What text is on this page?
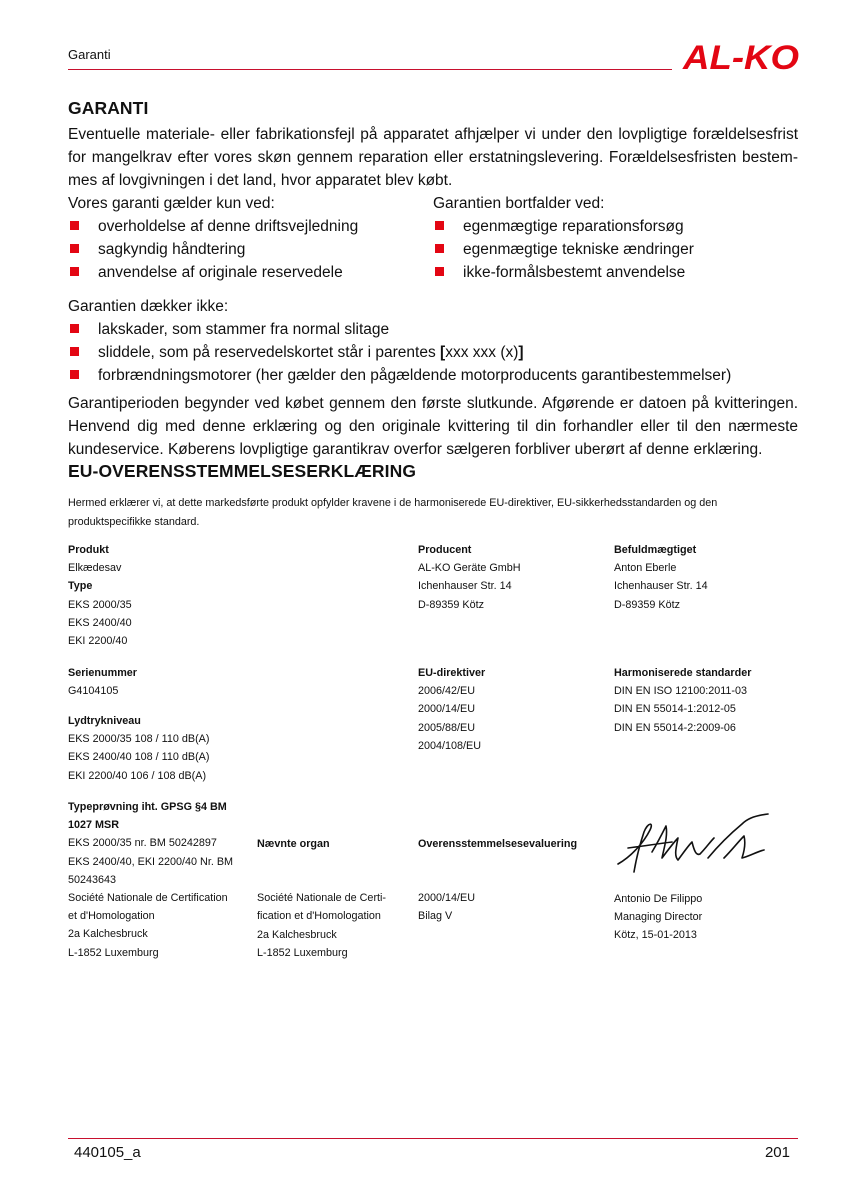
Garanti	AL-KO
GARANTI
Eventuelle materiale- eller fabrikationsfejl på apparatet afhjælper vi under den lovpligtige forældelsesfrist for mangelkrav efter vores skøn gennem reparation eller erstatningslevering. Forældelsesfristen bestem-mes af lovgivningen i det land, hvor apparatet blev købt.
Vores garanti gælder kun ved:
overholdelse af denne driftsvejledning
sagkyndig håndtering
anvendelse af originale reservedele
Garantien bortfalder ved:
egenmægtige reparationsforsøg
egenmægtige tekniske ændringer
ikke-formålsbestemt anvendelse
Garantien dækker ikke:
lakskader, som stammer fra normal slitage
sliddele, som på reservedelskortet står i parentes [xxx xxx (x)]
forbrændningsmotorer (her gælder den pågældende motorproducents garantibestemmelser)
Garantiperioden begynder ved købet gennem den første slutkunde. Afgørende er datoen på kvitteringen. Henvend dig med denne erklæring og den originale kvittering til din forhandler eller til den nærmeste kundeservice. Køberens lovpligtige garantikrav overfor sælgeren forbliver uberørt af denne erklæring.
EU-OVERENSSTEMMELSESERKLÆRING
Hermed erklærer vi, at dette markedsførte produkt opfylder kravene i de harmoniserede EU-direktiver, EU-sikkerhedsstandarden og den produktspecifikke standard.
Produkt
Elkædesav
Type
EKS 2000/35
EKS 2400/40
EKI 2200/40
Producent
AL-KO Geräte GmbH
Ichenhauser Str. 14
D-89359 Kötz
Befuldmægtiget
Anton Eberle
Ichenhauser Str. 14
D-89359 Kötz
Serienummer
G4104105
Lydtrykniveau
EKS 2000/35 108 / 110 dB(A)
EKS 2400/40 108 / 110 dB(A)
EKI 2200/40 106 / 108 dB(A)
EU-direktiver
2006/42/EU
2000/14/EU
2005/88/EU
2004/108/EU
Harmoniserede standarder
DIN EN ISO 12100:2011-03
DIN EN 55014-1:2012-05
DIN EN 55014-2:2009-06
Typeprøvning iht. GPSG §4 BM
1027 MSR
EKS 2000/35 nr. BM 50242897
EKS 2400/40, EKI 2200/40 Nr. BM
50243643
Société Nationale de Certification
et d'Homologation
2a Kalchesbruck
L-1852 Luxemburg
Nævnte organ
Société Nationale de Certi-
fication et d'Homologation
2a Kalchesbruck
L-1852 Luxemburg
Overensstemmelsesevaluering
2000/14/EU
Bilag V
Antonio De Filippo
Managing Director
Kötz, 15-01-2013
440105_a	201
